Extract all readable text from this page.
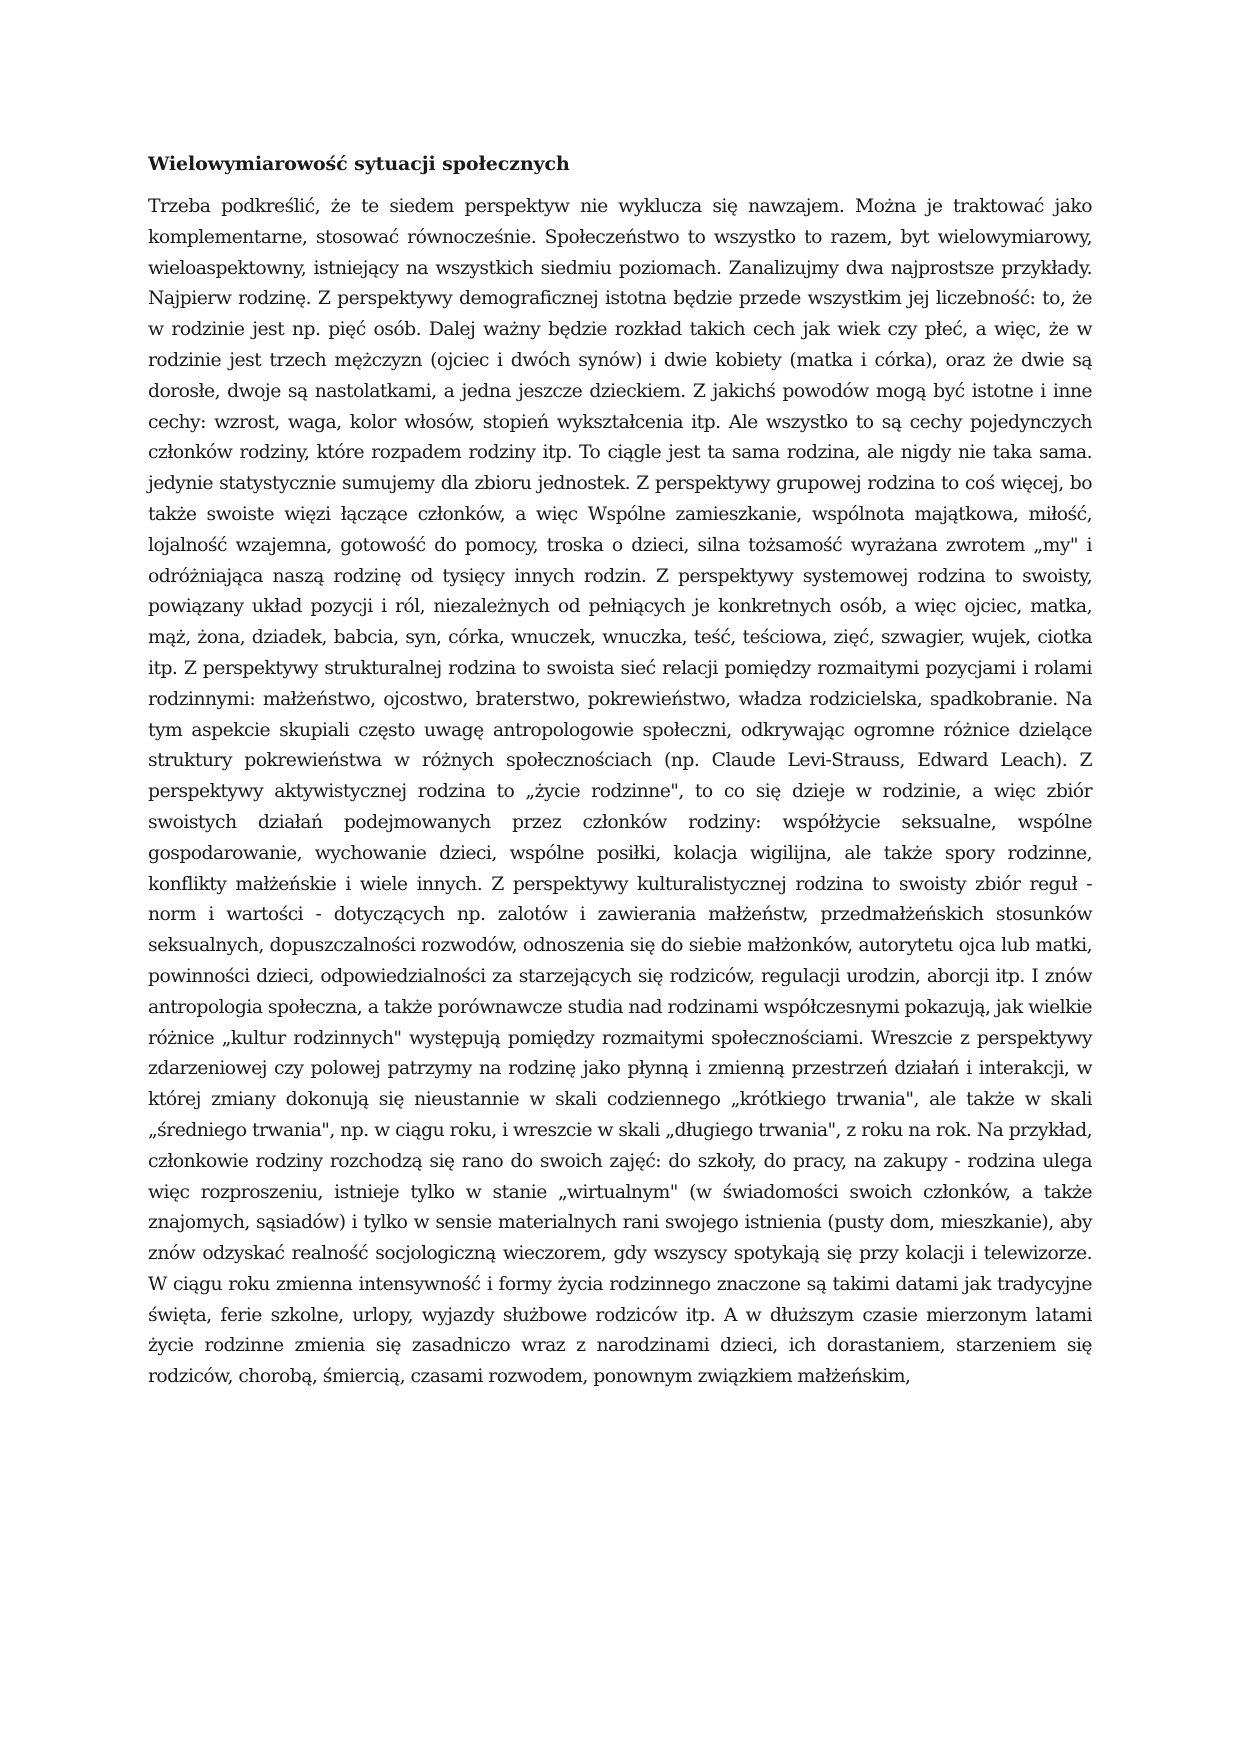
Wielowymiarowość sytuacji społecznych

Trzeba podkreślić, że te siedem perspektyw nie wyklucza się nawzajem. Można je traktować jako komplementarne, stosować równocześnie. Społeczeństwo to wszystko to razem, byt wielowymiarowy, wieloaspektowny, istniejący na wszystkich siedmiu poziomach. Zanalizujmy dwa najprostsze przykłady. Najpierw rodzinę. Z perspektywy demograficznej istotna będzie przede wszystkim jej liczebność: to, że w rodzinie jest np. pięć osób. Dalej ważny będzie rozkład takich cech jak wiek czy płeć, a więc, że w rodzinie jest trzech mężczyzn (ojciec i dwóch synów) i dwie kobiety (matka i córka), oraz że dwie są dorosłe, dwoje są nastolatkami, a jedna jeszcze dzieckiem. Z jakichś powodów mogą być istotne i inne cechy: wzrost, waga, kolor włosów, stopień wykształcenia itp. Ale wszystko to są cechy pojedynczych członków rodziny, które rozpadem rodziny itp. To ciągle jest ta sama rodzina, ale nigdy nie taka sama. jedynie statystycznie sumujemy dla zbioru jednostek. Z perspektywy grupowej rodzina to coś więcej, bo także swoiste więzi łączące członków, a więc Wspólne zamieszkanie, wspólnota majątkowa, miłość, lojalność wzajemna, gotowość do pomocy, troska o dzieci, silna tożsamość wyrażana zwrotem „my" i odróżniająca naszą rodzinę od tysięcy innych rodzin. Z perspektywy systemowej rodzina to swoisty, powiązany układ pozycji i ról, niezależnych od pełniących je konkretnych osób, a więc ojciec, matka, mąż, żona, dziadek, babcia, syn, córka, wnuczek, wnuczka, teść, teściowa, zięć, szwagier, wujek, ciotka itp. Z perspektywy strukturalnej rodzina to swoista sieć relacji pomiędzy rozmaitymi pozycjami i rolami rodzinnymi: małżeństwo, ojcostwo, braterstwo, pokrewieństwo, władza rodzicielska, spadkobranie. Na tym aspekcie skupiali często uwagę antropologowie społeczni, odkrywając ogromne różnice dzielące struktury pokrewieństwa w różnych społecznościach (np. Claude Levi-Strauss, Edward Leach). Z perspektywy aktywistycznej rodzina to „życie rodzinne", to co się dzieje w rodzinie, a więc zbiór swoistych działań podejmowanych przez członków rodziny: współżycie seksualne, wspólne gospodarowanie, wychowanie dzieci, wspólne posiłki, kolacja wigilijna, ale także spory rodzinne, konflikty małżeńskie i wiele innych. Z perspektywy kulturalistycznej rodzina to swoisty zbiór reguł - norm i wartości - dotyczących np. zalotów i zawierania małżeństw, przedmałżeńskich stosunków seksualnych, dopuszczalności rozwodów, odnoszenia się do siebie małżonków, autorytetu ojca lub matki, powinności dzieci, odpowiedzialności za starzejących się rodziców, regulacji urodzin, aborcji itp. I znów antropologia społeczna, a także porównawcze studia nad rodzinami współczesnymi pokazują, jak wielkie różnice „kultur rodzinnych" występują pomiędzy rozmaitymi społecznościami. Wreszcie z perspektywy zdarzeniowej czy polowej patrzymy na rodzinę jako płynną i zmienną przestrzeń działań i interakcji, w której zmiany dokonują się nieustannie w skali codziennego „krótkiego trwania", ale także w skali „średniego trwania", np. w ciągu roku, i wreszcie w skali „długiego trwania", z roku na rok. Na przykład, członkowie rodziny rozchodzą się rano do swoich zajęć: do szkoły, do pracy, na zakupy - rodzina ulega więc rozproszeniu, istnieje tylko w stanie „wirtualnym" (w świadomości swoich członków, a także znajomych, sąsiadów) i tylko w sensie materialnych rani swojego istnienia (pusty dom, mieszkanie), aby znów odzyskać realność socjologiczną wieczorem, gdy wszyscy spotykają się przy kolacji i telewizorze. W ciągu roku zmienna intensywność i formy życia rodzinnego znaczone są takimi datami jak tradycyjne święta, ferie szkolne, urlopy, wyjazdy służbowe rodziców itp. A w dłuższym czasie mierzonym latami życie rodzinne zmienia się zasadniczo wraz z narodzinami dzieci, ich dorastaniem, starzeniem się rodziców, chorobą, śmiercią, czasami rozwodem, ponownym związkiem małżeńskim,
